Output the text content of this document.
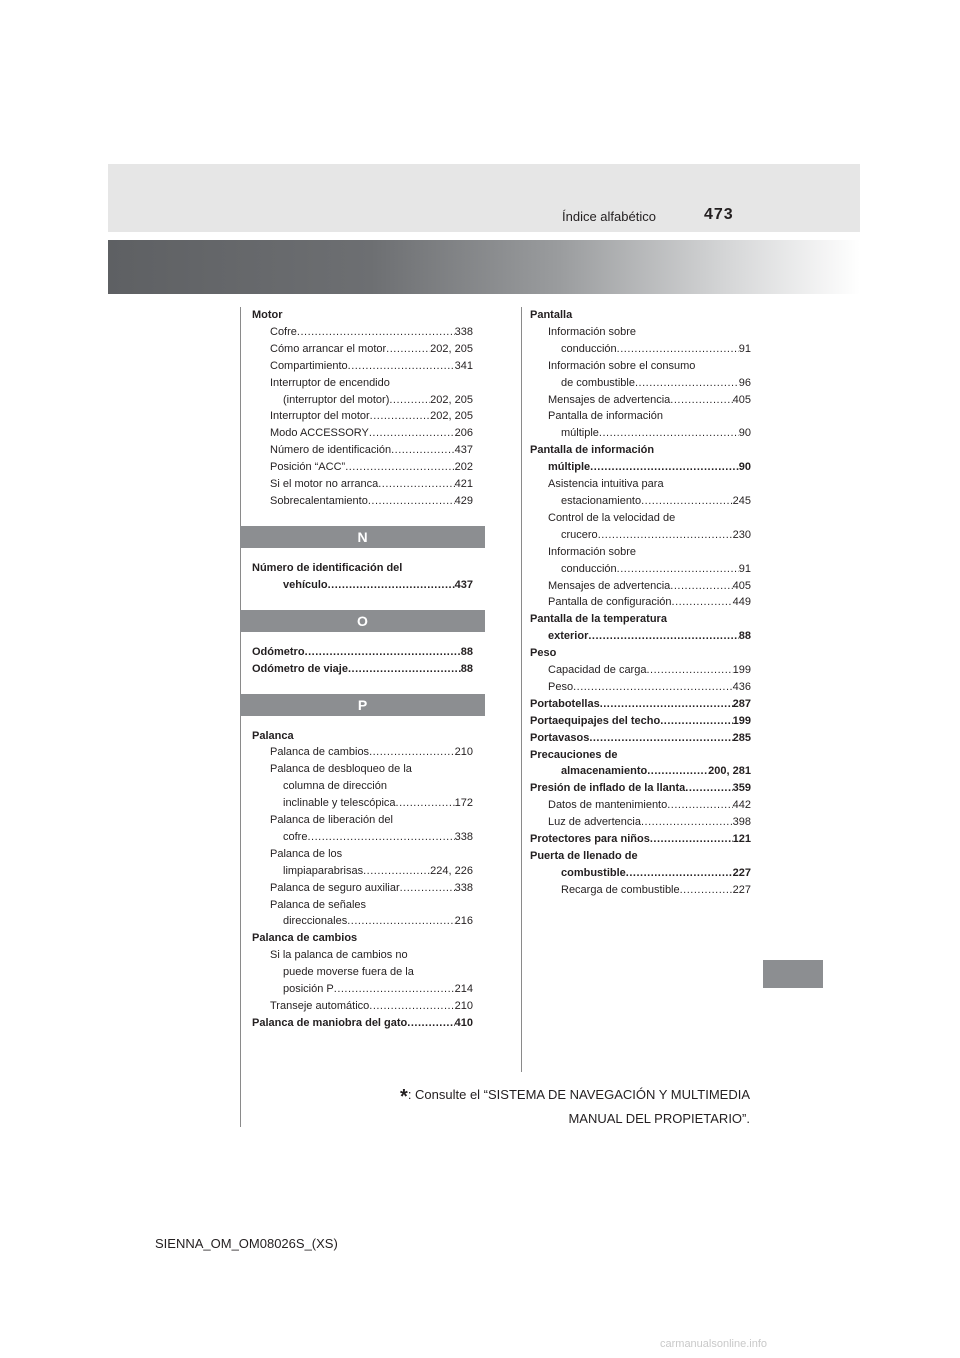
Índice alfabético	473
Motor
Cofre .....	338
Cómo arrancar el motor .....	202, 205
Compartimiento .....	341
Interruptor de encendido
(interruptor del motor) .....	202, 205
Interruptor del motor .....	202, 205
Modo ACCESSORY .....	206
Número de identificación .....	437
Posición “ACC” .....	202
Si el motor no arranca .....	421
Sobrecalentamiento .....	429
N
Número de identificación del
vehículo .....	437
O
Odómetro .....	88
Odómetro de viaje .....	88
P
Palanca
Palanca de cambios .....	210
Palanca de desbloqueo de la
columna de dirección
inclinable y telescópica .....	172
Palanca de liberación del
cofre .....	338
Palanca de los
limpiaparabrisas .....	224, 226
Palanca de seguro auxiliar .....	338
Palanca de señales
direccionales .....	216
Palanca de cambios
Si la palanca de cambios no
puede moverse fuera de la
posición P .....	214
Transeje automático .....	210
Palanca de maniobra del gato .....	410
Pantalla
Información sobre
conducción .....	91
Información sobre el consumo
de combustible .....	96
Mensajes de advertencia .....	405
Pantalla de información
múltiple .....	90
Pantalla de información
múltiple .....	90
Asistencia intuitiva para
estacionamiento .....	245
Control de la velocidad de
crucero .....	230
Información sobre
conducción .....	91
Mensajes de advertencia .....	405
Pantalla de configuración .....	449
Pantalla de la temperatura
exterior .....	88
Peso
Capacidad de carga .....	199
Peso .....	436
Portabotellas .....	287
Portaequipajes del techo .....	199
Portavasos .....	285
Precauciones de
almacenamiento .....	200, 281
Presión de inflado de la llanta .....	359
Datos de mantenimiento .....	442
Luz de advertencia .....	398
Protectores para niños .....	121
Puerta de llenado de
combustible .....	227
Recarga de combustible .....	227
*: Consulte el “SISTEMA DE NAVEGACIÓN Y MULTIMEDIA
MANUAL DEL PROPIETARIO”.
SIENNA_OM_OM08026S_(XS)
carmanualsonline.info
